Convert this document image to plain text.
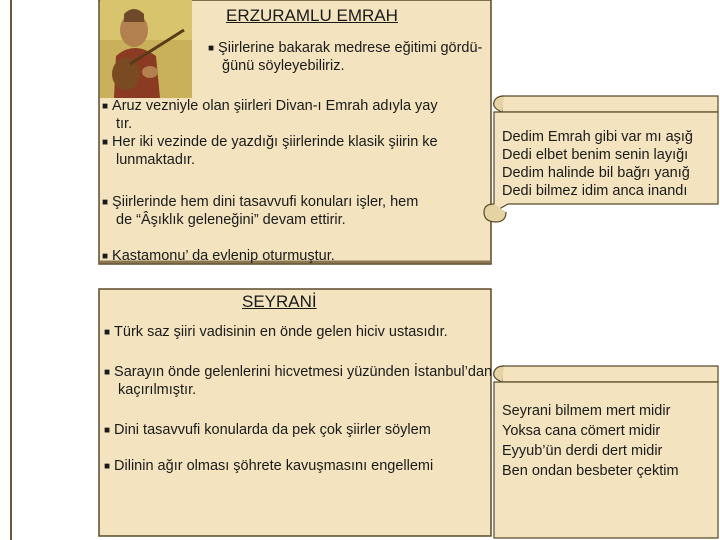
ERZURAMLU EMRAH
■ Şiirlerine bakarak medrese eğitimi gördü-
ğünü söyleyebiliriz.
■ Aruz vezniyle olan şiirleri Divan-ı Emrah adıyla yay
tır.
■ Her iki vezinde de yazdığı şiirlerinde klasik şiirin ke
lunmaktadır.
■ Şiirlerinde hem dini tasavvufi konuları işler, hem
de “Âşıklık geleneğini” devam ettirir.
■ Kastamonu’ da evlenip oturmuştur.
Dedim Emrah gibi var mı aşığ
Dedi elbet benim senin layığı
Dedim halinde bil bağrı yanığ
Dedi bilmez idim anca inandı
SEYRANİ
■ Türk saz şiiri vadisinin en önde gelen hiciv ustasıdır.
■ Sarayın önde gelenlerini hicvetmesi yüzünden İstanbul’dan
kaçırılmıştır.
■ Dini tasavvufi konularda da pek çok şiirler söylem
■ Dilinin ağır olması şöhrete kavuşmasını engellemi
Seyrani bilmem mert midir
Yoksa cana cömert midir
Eyyub’ün derdi dert midir
Ben ondan besbeter çektim
